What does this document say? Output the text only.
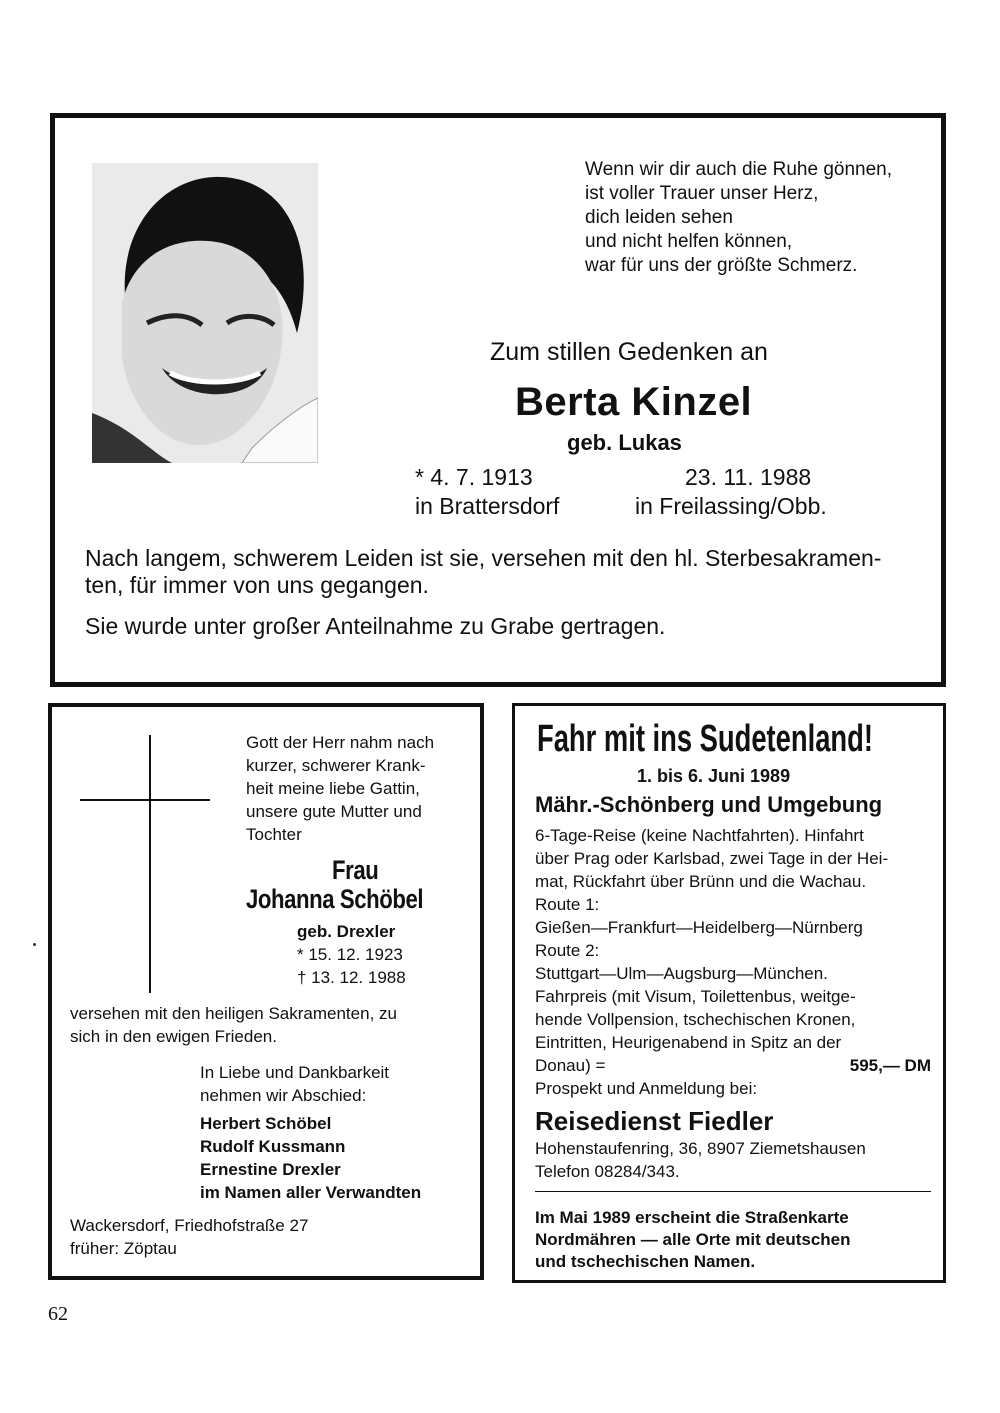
Wenn wir dir auch die Ruhe gönnen,
ist voller Trauer unser Herz,
dich leiden sehen
und nicht helfen können,
war für uns der größte Schmerz.
Zum stillen Gedenken an
Berta Kinzel
geb. Lukas
* 4. 7. 1913
in Brattersdorf
23. 11. 1988
in Freilassing/Obb.
Nach langem, schwerem Leiden ist sie, versehen mit den hl. Sterbesakramen-
ten, für immer von uns gegangen.
Sie wurde unter großer Anteilnahme zu Grabe gertragen.
Gott der Herr nahm nach
kurzer, schwerer Krank-
heit meine liebe Gattin,
unsere gute Mutter und
Tochter
Frau
Johanna Schöbel
geb. Drexler
* 15. 12. 1923
† 13. 12. 1988
versehen mit den heiligen Sakramenten, zu
sich in den ewigen Frieden.
In Liebe und Dankbarkeit
nehmen wir Abschied:
Herbert Schöbel
Rudolf Kussmann
Ernestine Drexler
im Namen aller Verwandten
Wackersdorf, Friedhofstraße 27
früher: Zöptau
Fahr mit ins Sudetenland!
1. bis 6. Juni 1989
Mähr.-Schönberg und Umgebung
6-Tage-Reise (keine Nachtfahrten). Hinfahrt
über Prag oder Karlsbad, zwei Tage in der Hei-
mat, Rückfahrt über Brünn und die Wachau.
Route 1:
Gießen—Frankfurt—Heidelberg—Nürnberg
Route 2:
Stuttgart—Ulm—Augsburg—München.
Fahrpreis (mit Visum, Toilettenbus, weitge-
hende Vollpension, tschechischen Kronen,
Eintritten, Heurigenabend in Spitz an der
Donau) =	595,— DM
Prospekt und Anmeldung bei:
Reisedienst Fiedler
Hohenstaufenring, 36, 8907 Ziemetshausen
Telefon 08284/343.
Im Mai 1989 erscheint die Straßenkarte
Nordmähren — alle Orte mit deutschen
und tschechischen Namen.
62
